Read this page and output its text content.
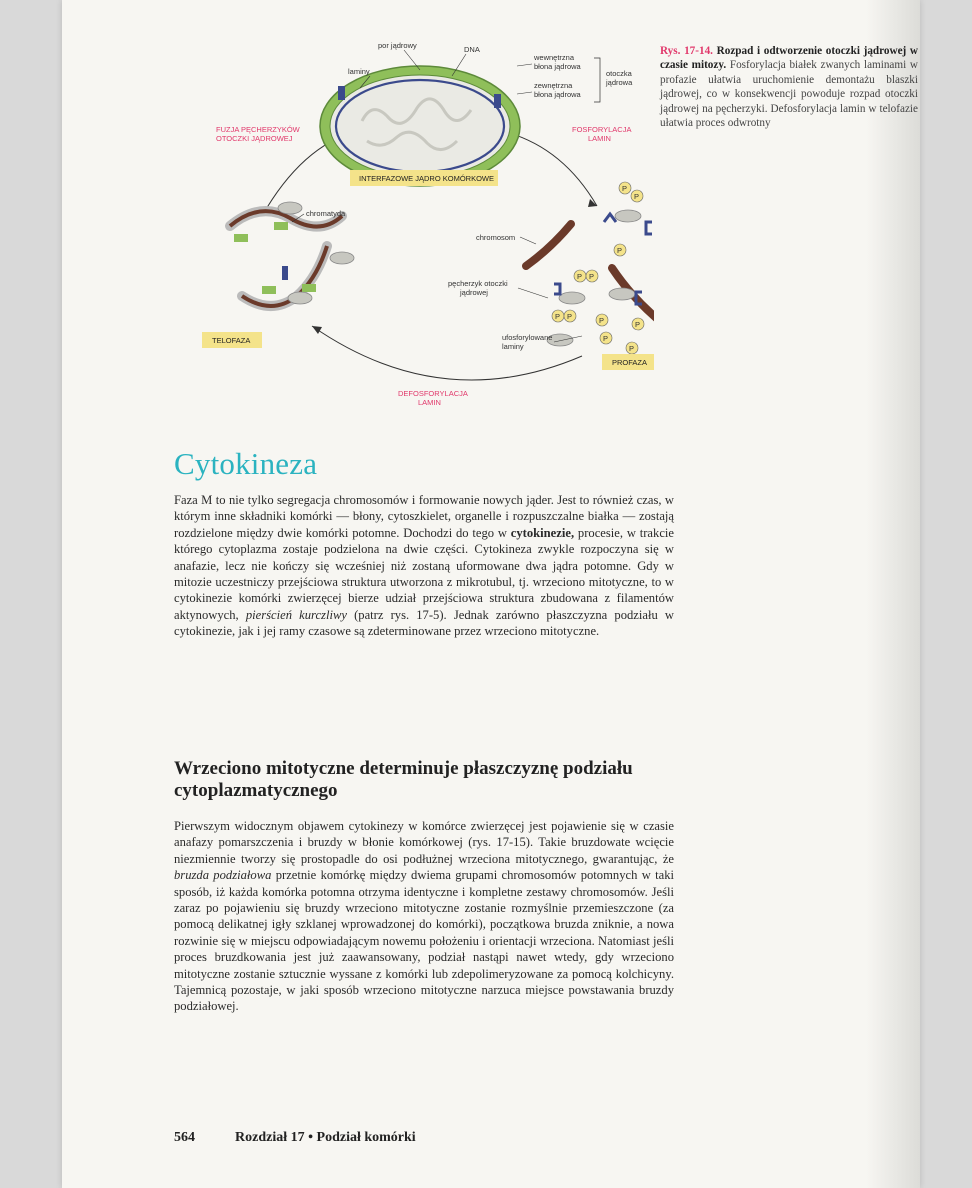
por jądrowy	DNA
laminy
wewnętrzna
błona jądrowa
zewnętrzna
błona jądrowa
otoczka
jądrowa
FUZJA PĘCHERZYKÓW
OTOCZKI JĄDROWEJ
FOSFORYLACJA
LAMIN
INTERFAZOWE JĄDRO KOMÓRKOWE
chromatyda
TELOFAZA
P
P
P
P P
P
P
P
P
P P
chromosom
pęcherzyk otoczki
jądrowej
ufosforylowane
laminy
PROFAZA
DEFOSFORYLACJA
LAMIN
Rys. 17-14. Rozpad i odtworzenie otoczki jądrowej w czasie mitozy. Fosforylacja białek zwanych laminami w profazie ułatwia uruchomienie demontażu blaszki jądrowej, co w konsekwencji powoduje rozpad otoczki jądrowej na pęcherzyki. Defosforylacja lamin w telofazie ułatwia proces odwrotny
Cytokineza

Faza M to nie tylko segregacja chromosomów i formowanie nowych jąder. Jest to również czas, w którym inne składniki komórki — błony, cytoszkielet, organelle i rozpuszczalne białka — zostają rozdzielone między dwie komórki potomne. Dochodzi do tego w cytokinezie, procesie, w trakcie którego cytoplazma zostaje podzielona na dwie części. Cytokineza zwykle rozpoczyna się w anafazie, lecz nie kończy się wcześniej niż zostaną uformowane dwa jądra potomne. Gdy w mitozie uczestniczy przejściowa struktura utworzona z mikrotubul, tj. wrzeciono mitotyczne, to w cytokinezie komórki zwierzęcej bierze udział przejściowa struktura zbudowana z filamentów aktynowych, pierścień kurczliwy (patrz rys. 17-5). Jednak zarówno płaszczyzna podziału w cytokinezie, jak i jej ramy czasowe są zdeterminowane przez wrzeciono mitotyczne.

Wrzeciono mitotyczne determinuje płaszczyznę podziału cytoplazmatycznego

Pierwszym widocznym objawem cytokinezy w komórce zwierzęcej jest pojawienie się w czasie anafazy pomarszczenia i bruzdy w błonie komórkowej (rys. 17-15). Takie bruzdowate wcięcie niezmiennie tworzy się prostopadle do osi podłużnej wrzeciona mitotycznego, gwarantując, że bruzda podziałowa przetnie komórkę między dwiema grupami chromosomów potomnych w taki sposób, iż każda komórka potomna otrzyma identyczne i kompletne zestawy chromosomów. Jeśli zaraz po pojawieniu się bruzdy wrzeciono mitotyczne zostanie rozmyślnie przemieszczone (za pomocą delikatnej igły szklanej wprowadzonej do komórki), początkowa bruzda zniknie, a nowa rozwinie się w miejscu odpowiadającym nowemu położeniu i orientacji wrzeciona. Natomiast jeśli proces bruzdkowania jest już zaawansowany, podział nastąpi nawet wtedy, gdy wrzeciono mitotyczne zostanie sztucznie wyssane z komórki lub zdepolimeryzowane za pomocą kolchicyny. Tajemnicą pozostaje, w jaki sposób wrzeciono mitotyczne narzuca miejsce powstawania bruzdy podziałowej.

564	Rozdział 17 • Podział komórki
